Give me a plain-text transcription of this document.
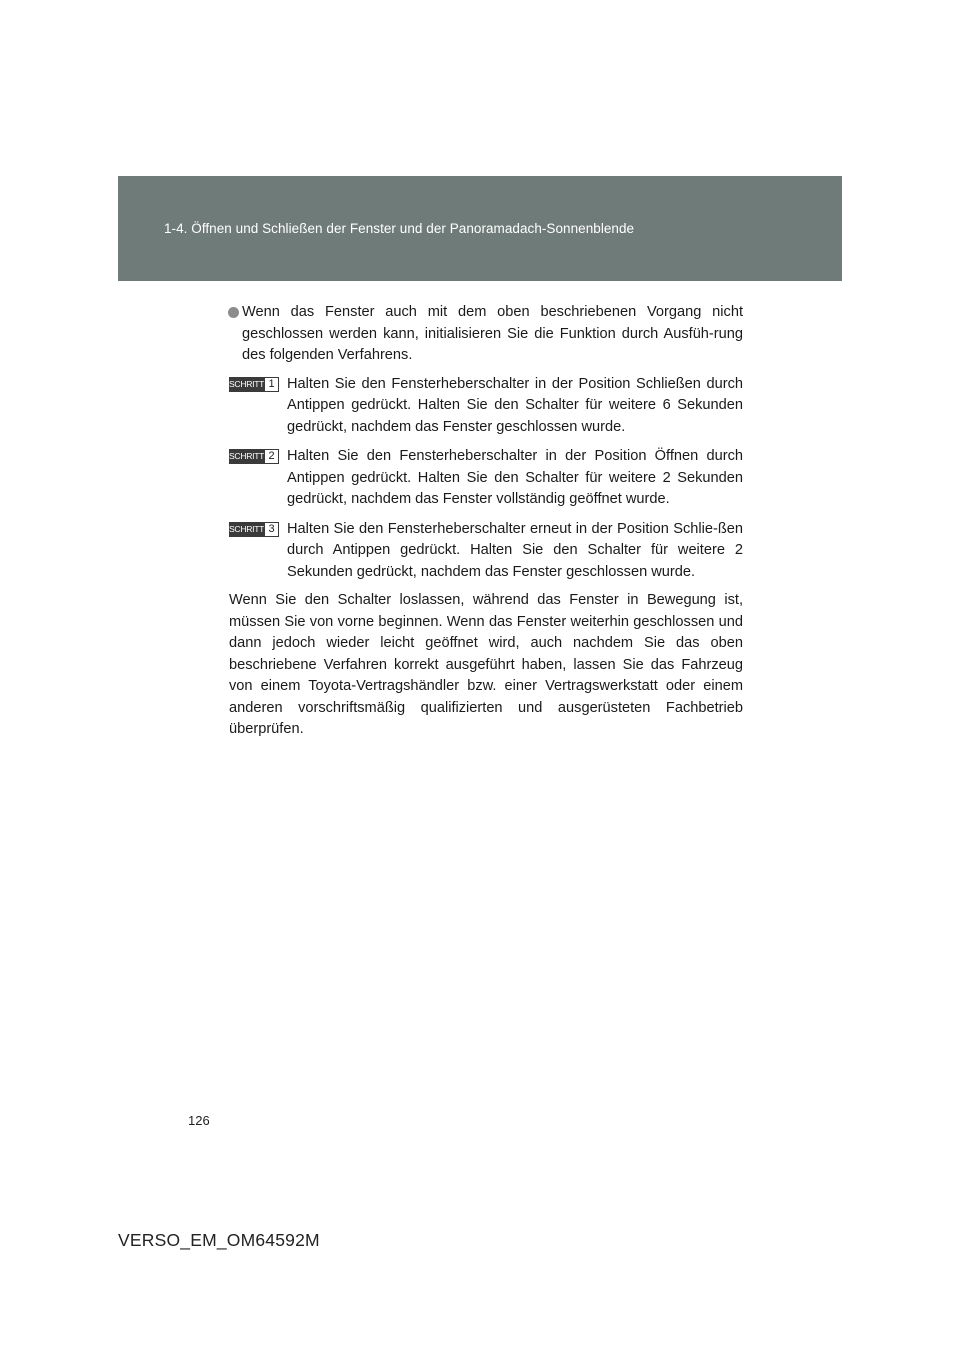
1-4. Öffnen und Schließen der Fenster und der Panoramadach-Sonnenblende
Wenn das Fenster auch mit dem oben beschriebenen Vorgang nicht geschlossen werden kann, initialisieren Sie die Funktion durch Ausfüh-rung des folgenden Verfahrens.
SCHRITT 1 Halten Sie den Fensterheberschalter in der Position Schließen durch Antippen gedrückt. Halten Sie den Schalter für weitere 6 Sekunden gedrückt, nachdem das Fenster geschlossen wurde.
SCHRITT 2 Halten Sie den Fensterheberschalter in der Position Öffnen durch Antippen gedrückt. Halten Sie den Schalter für weitere 2 Sekunden gedrückt, nachdem das Fenster vollständig geöffnet wurde.
SCHRITT 3 Halten Sie den Fensterheberschalter erneut in der Position Schlie-ßen durch Antippen gedrückt. Halten Sie den Schalter für weitere 2 Sekunden gedrückt, nachdem das Fenster geschlossen wurde.
Wenn Sie den Schalter loslassen, während das Fenster in Bewegung ist, müssen Sie von vorne beginnen. Wenn das Fenster weiterhin geschlossen und dann jedoch wieder leicht geöffnet wird, auch nachdem Sie das oben beschriebene Verfahren korrekt ausgeführt haben, lassen Sie das Fahrzeug von einem Toyota-Vertragshändler bzw. einer Vertragswerkstatt oder einem anderen vorschriftsmäßig qualifizierten und ausgerüsteten Fachbetrieb überprüfen.
126
VERSO_EM_OM64592M
